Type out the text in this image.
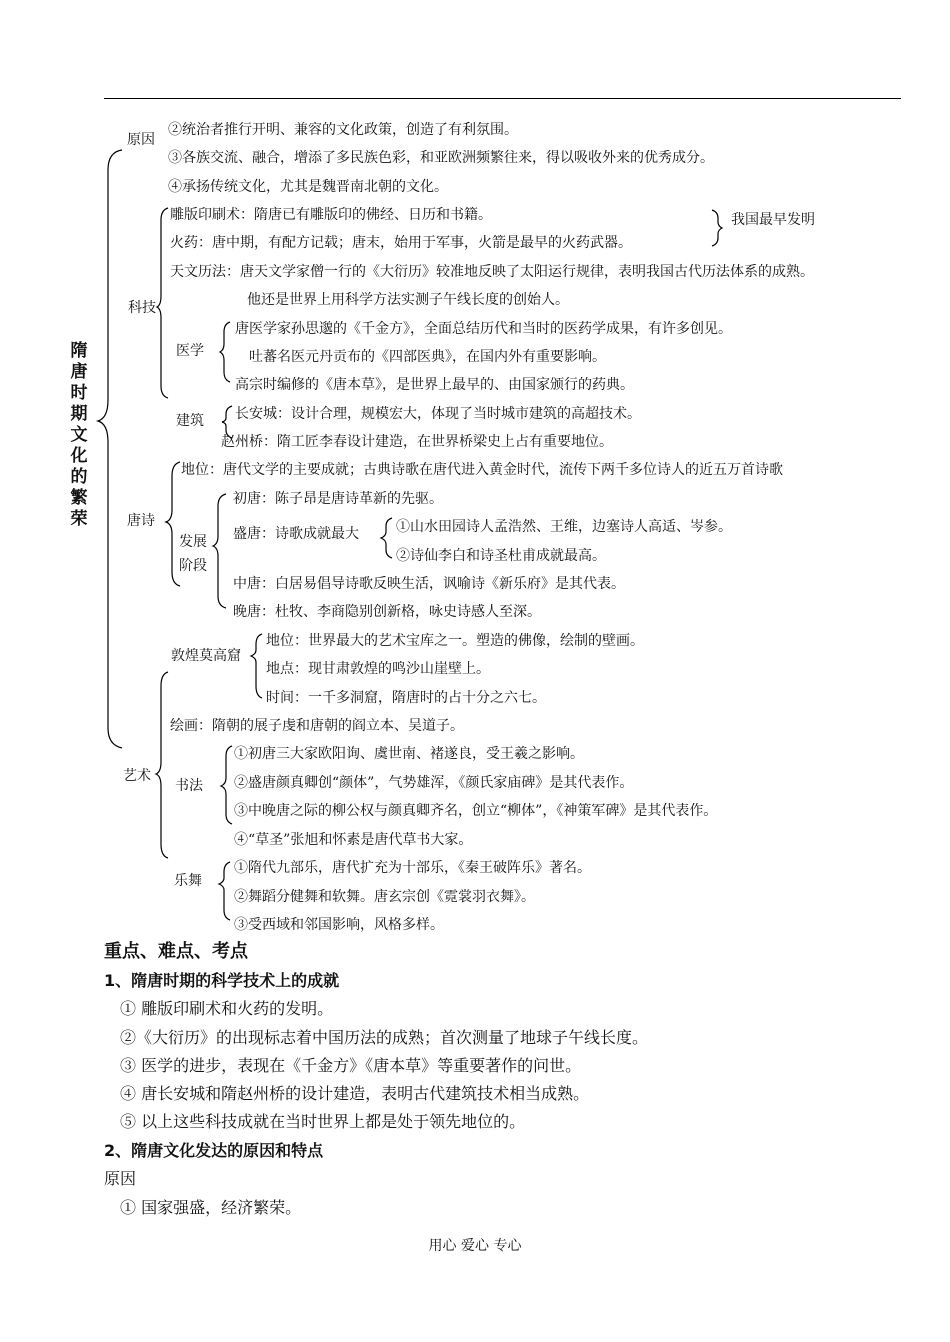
隋唐时期文化的繁荣
原因
②统治者推行开明、兼容的文化政策，创造了有利氛围。
③各族交流、融合，增添了多民族色彩，和亚欧洲频繁往来，得以吸收外来的优秀成分。
④承扬传统文化，尤其是魏晋南北朝的文化。
科技
雕版印刷术：隋唐已有雕版印的佛经、日历和书籍。
火药：唐中期，有配方记载；唐末，始用于军事，火箭是最早的火药武器。
我国最早发明
天文历法：唐天文学家僧一行的《大衍历》较准地反映了太阳运行规律，表明我国古代历法体系的成熟。
他还是世界上用科学方法实测子午线长度的创始人。
医学
唐医学家孙思邈的《千金方》，全面总结历代和当时的医药学成果，有许多创见。
吐蕃名医元丹贡布的《四部医典》，在国内外有重要影响。
高宗时编修的《唐本草》，是世界上最早的、由国家颁行的药典。
建筑 长安城：设计合理，规模宏大，体现了当时城市建筑的高超技术。
赵州桥：隋工匠李春设计建造，在世界桥梁史上占有重要地位。
唐诗
地位：唐代文学的主要成就；古典诗歌在唐代进入黄金时代，流传下两千多位诗人的近五万首诗歌
发展
阶段
初唐：陈子昂是唐诗革新的先驱。
盛唐：诗歌成就最大	①山水田园诗人孟浩然、王维，边塞诗人高适、岑参。
②诗仙李白和诗圣杜甫成就最高。
中唐：白居易倡导诗歌反映生活，讽喻诗《新乐府》是其代表。
晚唐：杜牧、李商隐别创新格，咏史诗感人至深。
艺术
敦煌莫高窟
地位：世界最大的艺术宝库之一。塑造的佛像，绘制的壁画。
地点：现甘肃敦煌的鸣沙山崖壁上。
时间：一千多洞窟，隋唐时的占十分之六七。
绘画：隋朝的展子虔和唐朝的阎立本、吴道子。
书法
①初唐三大家欧阳询、虞世南、褚遂良，受王羲之影响。
②盛唐颜真卿创“颜体”，气势雄浑，《颜氏家庙碑》是其代表作。
③中晚唐之际的柳公权与颜真卿齐名，创立“柳体”，《神策军碑》是其代表作。
④“草圣”张旭和怀素是唐代草书大家。
乐舞
①隋代九部乐，唐代扩充为十部乐，《秦王破阵乐》著名。
②舞蹈分健舞和软舞。唐玄宗创《霓裳羽衣舞》。
③受西域和邻国影响，风格多样。
重点、难点、考点
1、隋唐时期的科学技术上的成就
① 雕版印刷术和火药的发明。
②《大衍历》的出现标志着中国历法的成熟；首次测量了地球子午线长度。
③ 医学的进步，表现在《千金方》《唐本草》等重要著作的问世。
④ 唐长安城和隋赵州桥的设计建造，表明古代建筑技术相当成熟。
⑤ 以上这些科技成就在当时世界上都是处于领先地位的。
2、隋唐文化发达的原因和特点
原因
① 国家强盛，经济繁荣。
用心 爱心 专心
